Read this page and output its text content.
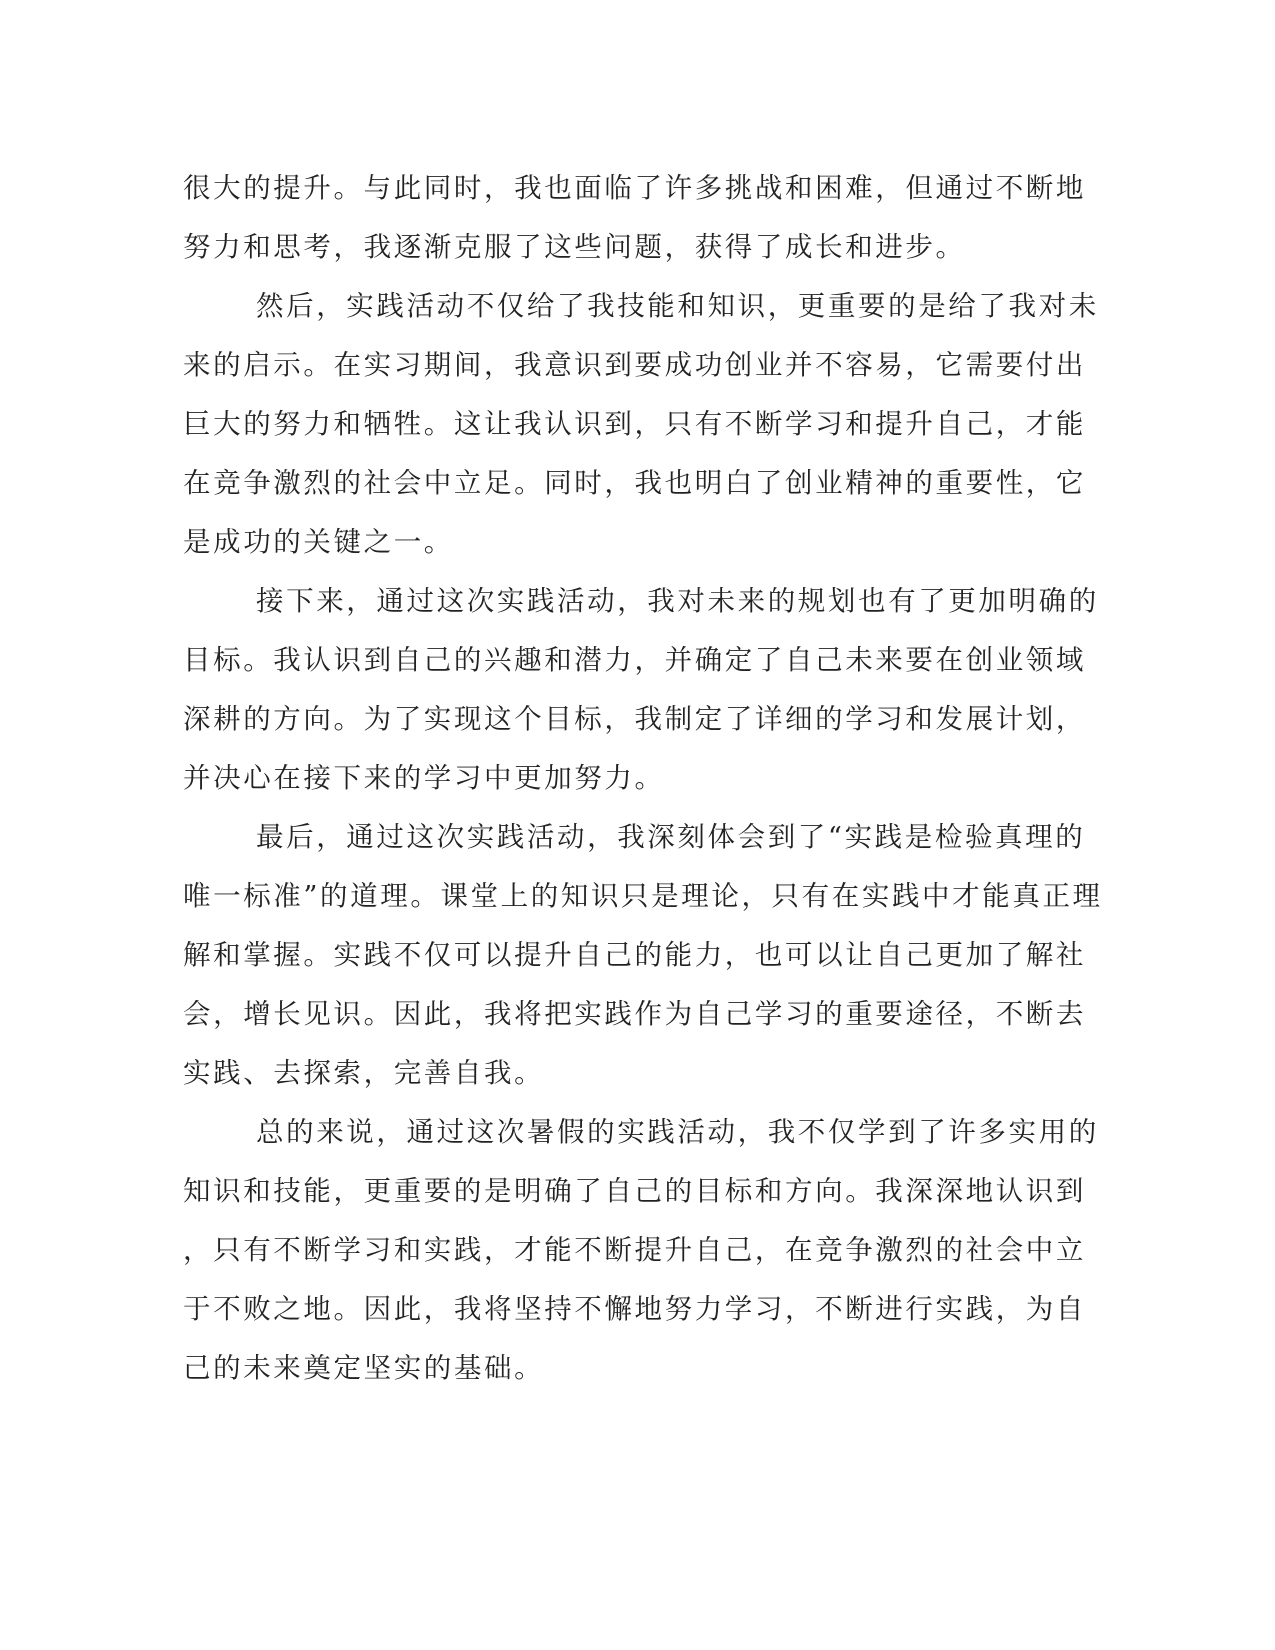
很大的提升。与此同时，我也面临了许多挑战和困难，但通过不断地
努力和思考，我逐渐克服了这些问题，获得了成长和进步。
然后，实践活动不仅给了我技能和知识，更重要的是给了我对未
来的启示。在实习期间，我意识到要成功创业并不容易，它需要付出
巨大的努力和牺牲。这让我认识到，只有不断学习和提升自己，才能
在竞争激烈的社会中立足。同时，我也明白了创业精神的重要性，它
是成功的关键之一。
接下来，通过这次实践活动，我对未来的规划也有了更加明确的
目标。我认识到自己的兴趣和潜力，并确定了自己未来要在创业领域
深耕的方向。为了实现这个目标，我制定了详细的学习和发展计划，
并决心在接下来的学习中更加努力。
最后，通过这次实践活动，我深刻体会到了“实践是检验真理的
唯一标准”的道理。课堂上的知识只是理论，只有在实践中才能真正理
解和掌握。实践不仅可以提升自己的能力，也可以让自己更加了解社
会，增长见识。因此，我将把实践作为自己学习的重要途径，不断去
实践、去探索，完善自我。
总的来说，通过这次暑假的实践活动，我不仅学到了许多实用的
知识和技能，更重要的是明确了自己的目标和方向。我深深地认识到
，只有不断学习和实践，才能不断提升自己，在竞争激烈的社会中立
于不败之地。因此，我将坚持不懈地努力学习，不断进行实践，为自
己的未来奠定坚实的基础。
